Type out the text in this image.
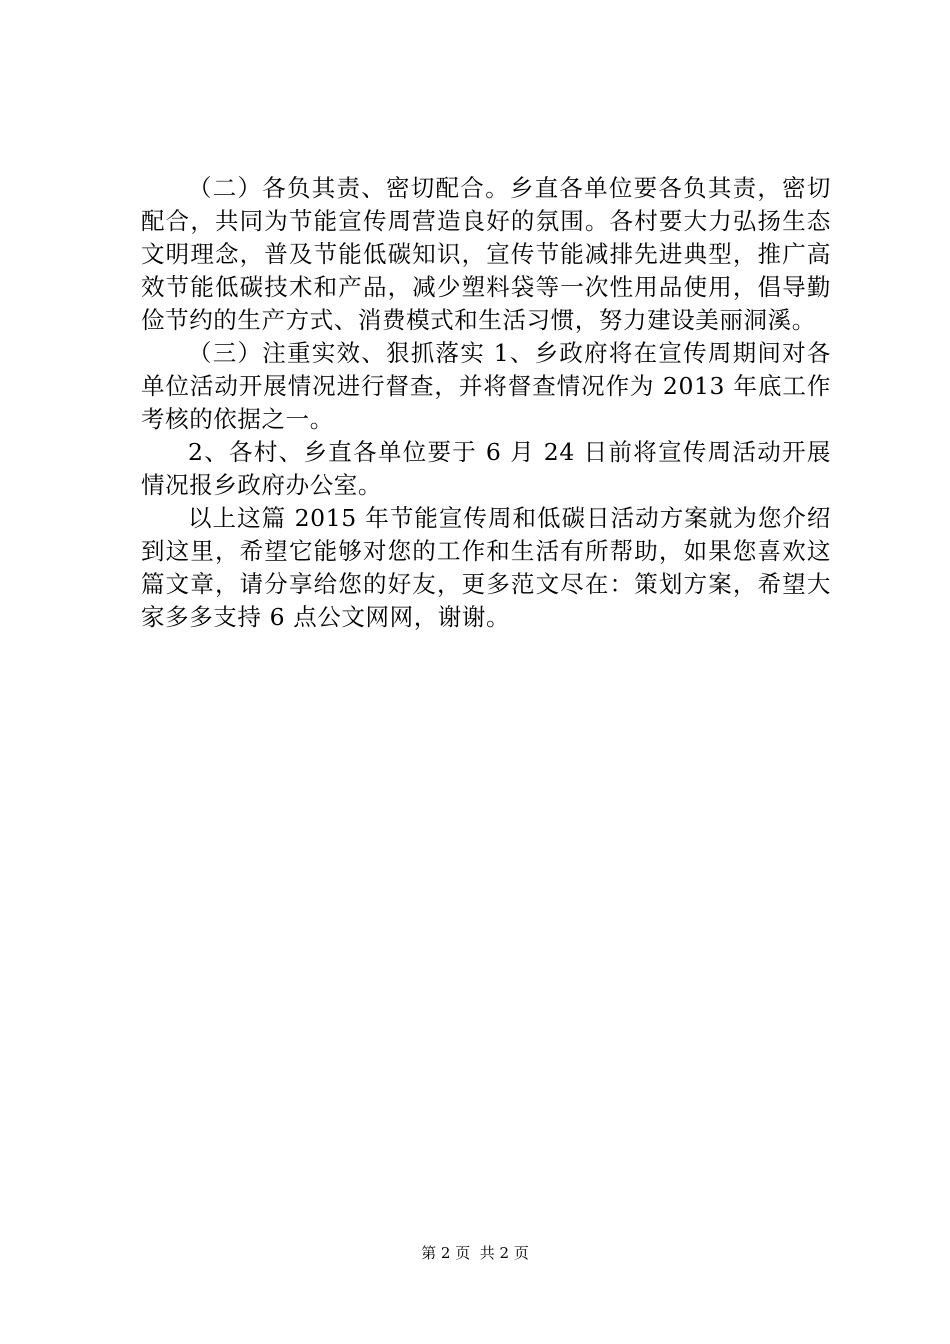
（二）各负其责、密切配合。乡直各单位要各负其责，密切配合，共同为节能宣传周营造良好的氛围。各村要大力弘扬生态文明理念，普及节能低碳知识，宣传节能减排先进典型，推广高效节能低碳技术和产品，减少塑料袋等一次性用品使用，倡导勤俭节约的生产方式、消费模式和生活习惯，努力建设美丽洞溪。

（三）注重实效、狠抓落实 1、乡政府将在宣传周期间对各单位活动开展情况进行督查，并将督查情况作为 2013 年底工作考核的依据之一。

2、各村、乡直各单位要于 6 月 24 日前将宣传周活动开展情况报乡政府办公室。

以上这篇 2015 年节能宣传周和低碳日活动方案就为您介绍到这里，希望它能够对您的工作和生活有所帮助，如果您喜欢这篇文章，请分享给您的好友，更多范文尽在：策划方案，希望大家多多支持 6 点公文网网，谢谢。

第 2 页  共 2 页
